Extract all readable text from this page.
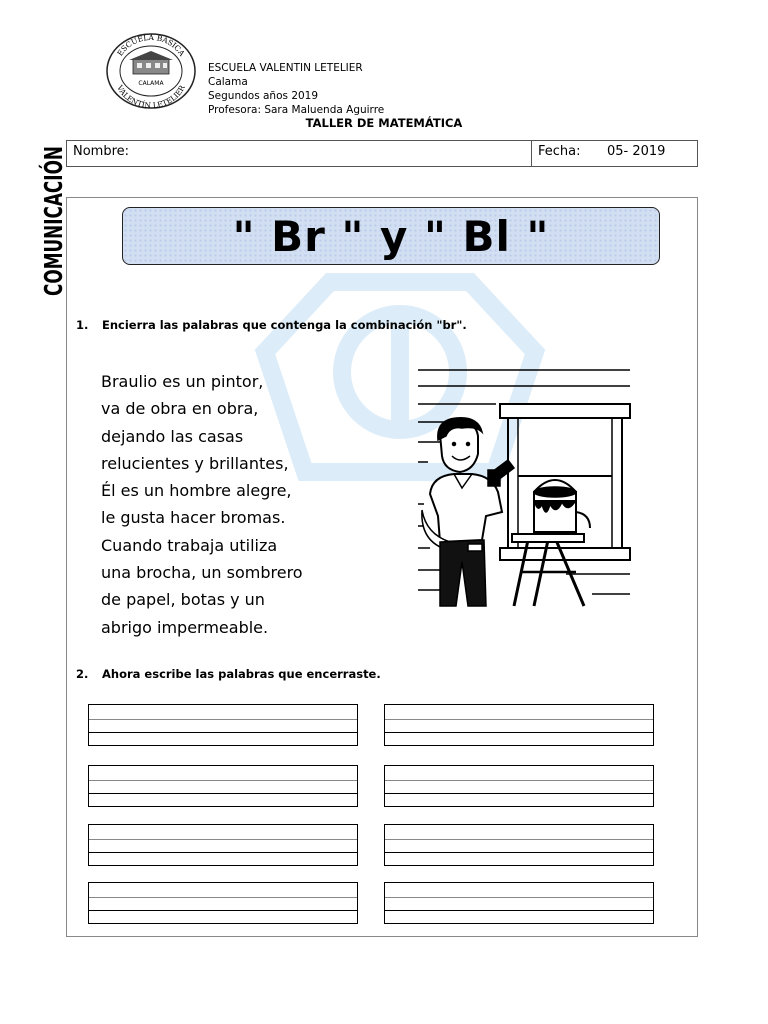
ESCUELA BÁSICA
VALENTÍN LETELIER
CALAMA
ESCUELA VALENTIN LETELIER
Calama
Segundos años 2019
Profesora: Sara Maluenda Aguirre
TALLER DE MATEMÁTICA
COMUNICACIÓN Nombre:	Fecha: 05- 2019
" Br " y " Bl "
1. Encierra las palabras que contenga la combinación "br".
Braulio es un pintor,
va de obra en obra,
dejando las casas
relucientes y brillantes,
Él es un hombre alegre,
le gusta hacer bromas.
Cuando trabaja utiliza
una brocha, un sombrero
de papel, botas y un
abrigo impermeable.
2. Ahora escribe las palabras que encerraste.
